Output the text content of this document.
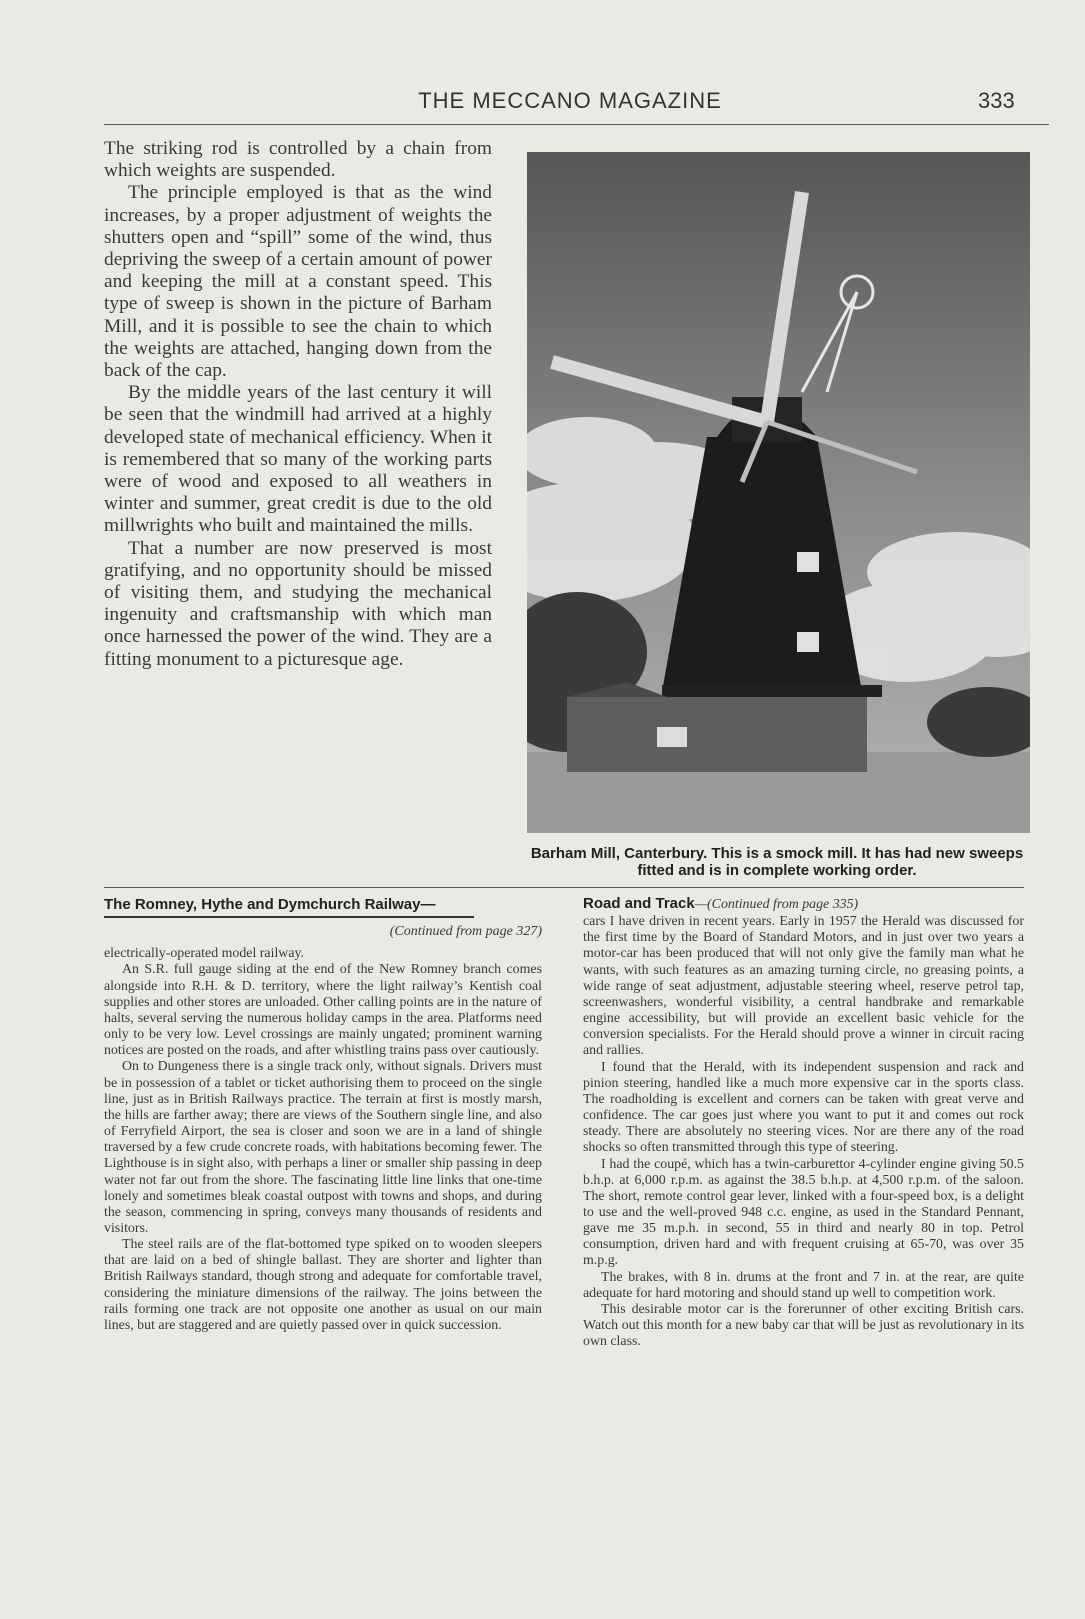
THE MECCANO MAGAZINE	333

The striking rod is controlled by a chain from which weights are suspended.

The principle employed is that as the wind increases, by a proper adjustment of weights the shutters open and “spill” some of the wind, thus depriving the sweep of a certain amount of power and keeping the mill at a constant speed. This type of sweep is shown in the picture of Barham Mill, and it is possible to see the chain to which the weights are attached, hanging down from the back of the cap.

By the middle years of the last century it will be seen that the windmill had arrived at a highly developed state of mechanical efficiency. When it is remembered that so many of the working parts were of wood and exposed to all weathers in winter and summer, great credit is due to the old millwrights who built and maintained the mills.

That a number are now preserved is most gratifying, and no opportunity should be missed of visiting them, and studying the mechanical ingenuity and craftsmanship with which man once harnessed the power of the wind. They are a fitting monument to a picturesque age.

Barham Mill, Canterbury. This is a smock mill. It has had new sweeps fitted and is in complete working order.

The Romney, Hythe and Dymchurch Railway—

(Continued from page 327)

electrically-operated model railway.

An S.R. full gauge siding at the end of the New Romney branch comes alongside into R.H. & D. territory, where the light railway’s Kentish coal supplies and other stores are unloaded. Other calling points are in the nature of halts, several serving the numerous holiday camps in the area. Platforms need only to be very low. Level crossings are mainly ungated; prominent warning notices are posted on the roads, and after whistling trains pass over cautiously.

On to Dungeness there is a single track only, without signals. Drivers must be in possession of a tablet or ticket authorising them to proceed on the single line, just as in British Railways practice. The terrain at first is mostly marsh, the hills are farther away; there are views of the Southern single line, and also of Ferryfield Airport, the sea is closer and soon we are in a land of shingle traversed by a few crude concrete roads, with habitations becoming fewer. The Lighthouse is in sight also, with perhaps a liner or smaller ship passing in deep water not far out from the shore. The fascinating little line links that one-time lonely and sometimes bleak coastal outpost with towns and shops, and during the season, commencing in spring, conveys many thousands of residents and visitors.

The steel rails are of the flat-bottomed type spiked on to wooden sleepers that are laid on a bed of shingle ballast. They are shorter and lighter than British Railways standard, though strong and adequate for comfortable travel, considering the miniature dimensions of the railway. The joins between the rails forming one track are not opposite one another as usual on our main lines, but are staggered and are quietly passed over in quick succession.

Road and Track—(Continued from page 335)

cars I have driven in recent years. Early in 1957 the Herald was discussed for the first time by the Board of Standard Motors, and in just over two years a motor-car has been produced that will not only give the family man what he wants, with such features as an amazing turning circle, no greasing points, a wide range of seat adjustment, adjustable steering wheel, reserve petrol tap, screenwashers, wonderful visibility, a central handbrake and remarkable engine accessibility, but will provide an excellent basic vehicle for the conversion specialists. For the Herald should prove a winner in circuit racing and rallies.

I found that the Herald, with its independent suspension and rack and pinion steering, handled like a much more expensive car in the sports class. The roadholding is excellent and corners can be taken with great verve and confidence. The car goes just where you want to put it and comes out rock steady. There are absolutely no steering vices. Nor are there any of the road shocks so often transmitted through this type of steering.

I had the coupé, which has a twin-carburettor 4-cylinder engine giving 50.5 b.h.p. at 6,000 r.p.m. as against the 38.5 b.h.p. at 4,500 r.p.m. of the saloon. The short, remote control gear lever, linked with a four-speed box, is a delight to use and the well-proved 948 c.c. engine, as used in the Standard Pennant, gave me 35 m.p.h. in second, 55 in third and nearly 80 in top. Petrol consumption, driven hard and with frequent cruising at 65-70, was over 35 m.p.g.

The brakes, with 8 in. drums at the front and 7 in. at the rear, are quite adequate for hard motoring and should stand up well to competition work.

This desirable motor car is the forerunner of other exciting British cars. Watch out this month for a new baby car that will be just as revolutionary in its own class.
